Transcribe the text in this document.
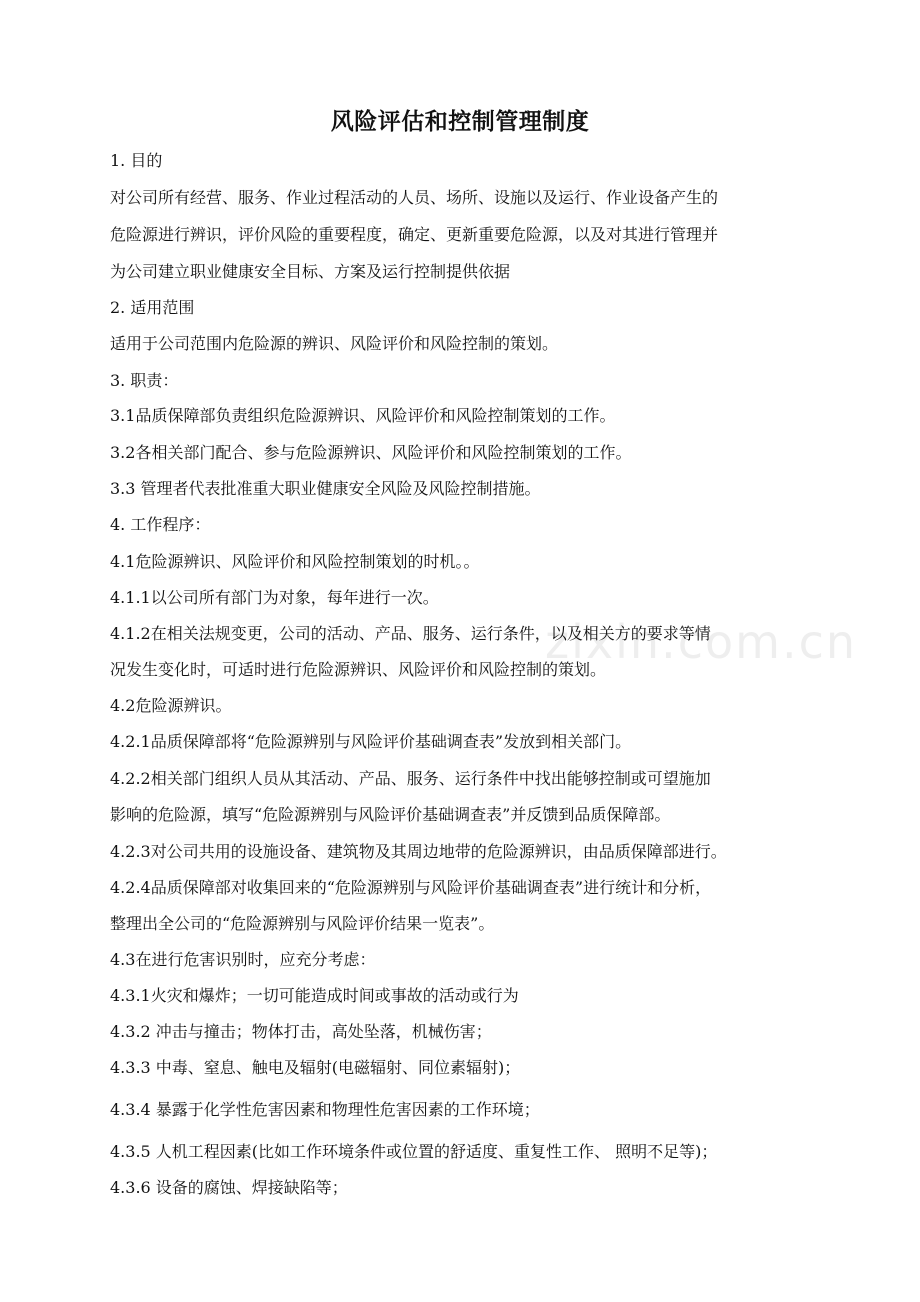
zixin.com.cn
风险评估和控制管理制度
1. 目的
对公司所有经营、服务、作业过程活动的人员、场所、设施以及运行、作业设备产生的
危险源进行辨识，评价风险的重要程度，确定、更新重要危险源，以及对其进行管理并
为公司建立职业健康安全目标、方案及运行控制提供依据
2. 适用范围
适用于公司范围内危险源的辨识、风险评价和风险控制的策划。
3. 职责：
3.1品质保障部负责组织危险源辨识、风险评价和风险控制策划的工作。
3.2各相关部门配合、参与危险源辨识、风险评价和风险控制策划的工作。
3.3 管理者代表批准重大职业健康安全风险及风险控制措施。
4. 工作程序：
4.1危险源辨识、风险评价和风险控制策划的时机。。
4.1.1以公司所有部门为对象，每年进行一次。
4.1.2在相关法规变更，公司的活动、产品、服务、运行条件，以及相关方的要求等情
况发生变化时，可适时进行危险源辨识、风险评价和风险控制的策划。
4.2危险源辨识。
4.2.1品质保障部将“危险源辨别与风险评价基础调查表”发放到相关部门。
4.2.2相关部门组织人员从其活动、产品、服务、运行条件中找出能够控制或可望施加
影响的危险源，填写“危险源辨别与风险评价基础调查表”并反馈到品质保障部。
4.2.3对公司共用的设施设备、建筑物及其周边地带的危险源辨识，由品质保障部进行。
4.2.4品质保障部对收集回来的“危险源辨别与风险评价基础调查表”进行统计和分析，
整理出全公司的“危险源辨别与风险评价结果一览表”。
4.3在进行危害识别时，应充分考虑：
4.3.1火灾和爆炸；一切可能造成时间或事故的活动或行为
4.3.2 冲击与撞击；物体打击，高处坠落，机械伤害；
4.3.3 中毒、窒息、触电及辐射(电磁辐射、同位素辐射)；
4.3.4 暴露于化学性危害因素和物理性危害因素的工作环境；
4.3.5 人机工程因素(比如工作环境条件或位置的舒适度、重复性工作、 照明不足等)；
4.3.6 设备的腐蚀、焊接缺陷等；
